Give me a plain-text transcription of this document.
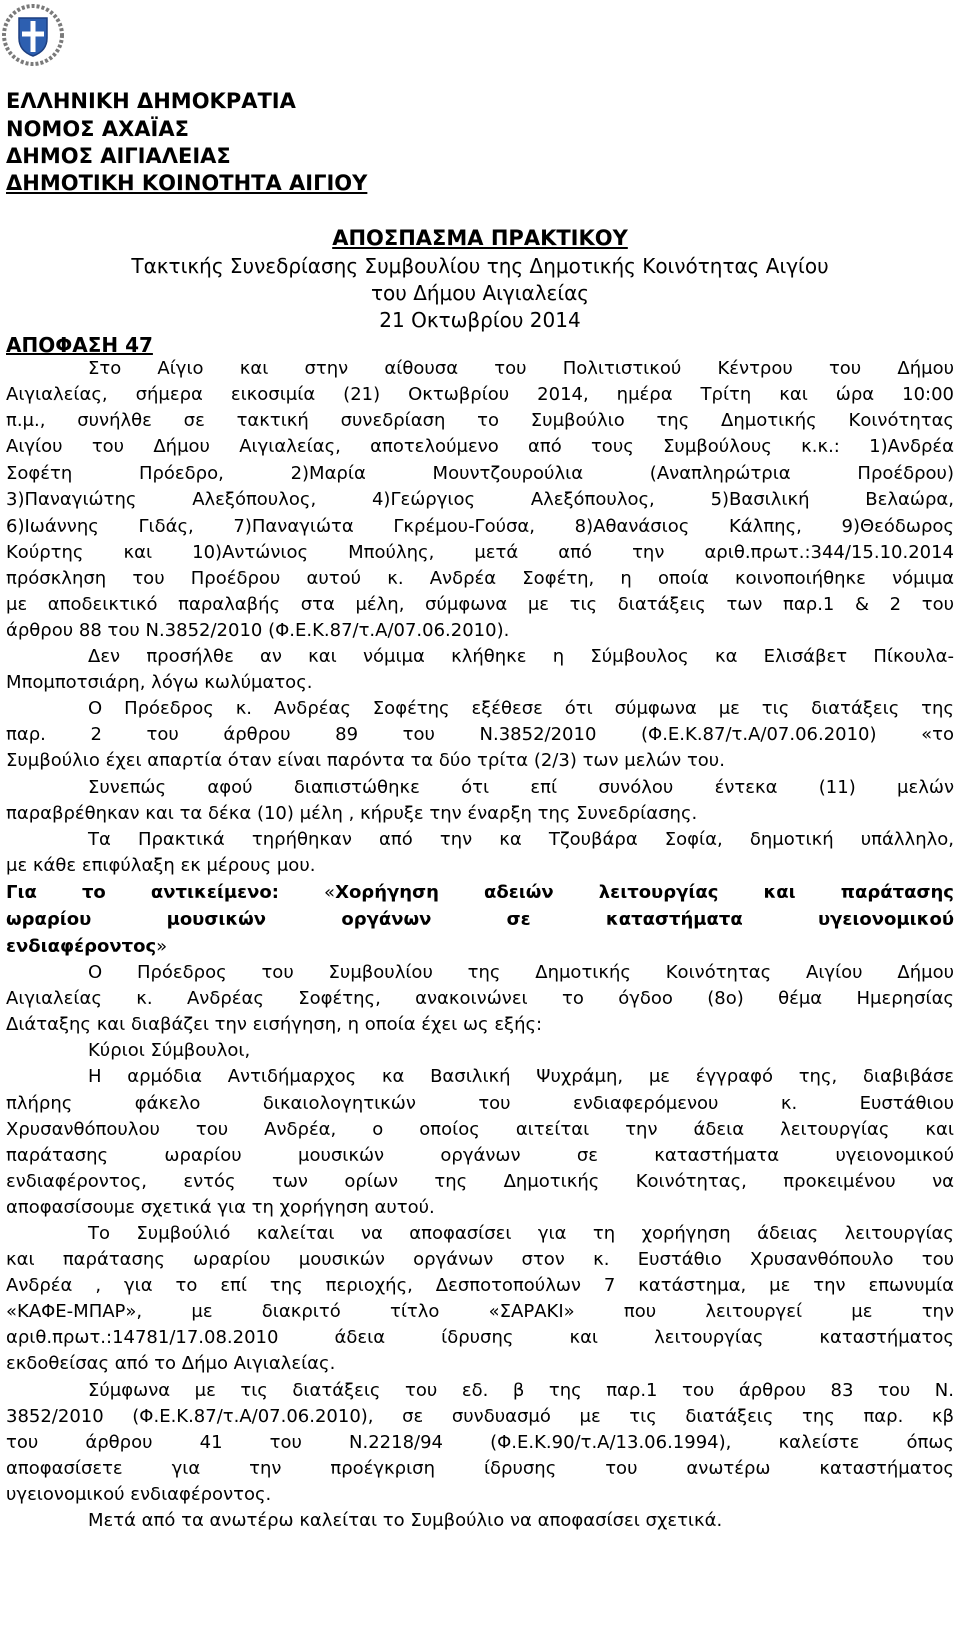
ΕΛΛΗΝΙΚΗ ΔΗΜΟΚΡΑΤΙΑ
ΝΟΜΟΣ ΑΧΑΪΑΣ
ΔΗΜΟΣ ΑΙΓΙΑΛΕΙΑΣ
ΔΗΜΟΤΙΚΗ ΚΟΙΝΟΤΗΤΑ ΑΙΓΙΟΥ
ΑΠΟΣΠΑΣΜΑ ΠΡΑΚΤΙΚΟΥ
Τακτικής Συνεδρίασης Συμβουλίου της Δημοτικής Κοινότητας Αιγίου
του Δήμου Αιγιαλείας
21 Οκτωβρίου 2014
ΑΠΟΦΑΣΗ 47
Στο Αίγιο και στην αίθουσα του Πολιτιστικού Κέντρου του Δήμου
Αιγιαλείας, σήμερα εικοσιμία (21) Οκτωβρίου 2014, ημέρα Τρίτη και ώρα 10:00
π.μ., συνήλθε σε τακτική συνεδρίαση το Συμβούλιο της Δημοτικής Κοινότητας
Αιγίου του Δήμου Αιγιαλείας, αποτελούμενο από τους Συμβούλους κ.κ.: 1)Ανδρέα
Σοφέτη Πρόεδρο, 2)Μαρία Μουντζουρούλια (Αναπληρώτρια Προέδρου)
3)Παναγιώτης Αλεξόπουλος, 4)Γεώργιος Αλεξόπουλος, 5)Βασιλική Βελαώρα,
6)Ιωάννης Γιδάς, 7)Παναγιώτα Γκρέμου-Γούσα, 8)Αθανάσιος Κάλπης, 9)Θεόδωρος
Κούρτης και 10)Αντώνιος Μπούλης, μετά από την αριθ.πρωτ.:344/15.10.2014
πρόσκληση του Προέδρου αυτού κ. Ανδρέα Σοφέτη, η οποία κοινοποιήθηκε νόμιμα
με αποδεικτικό παραλαβής στα μέλη, σύμφωνα με τις διατάξεις των παρ.1 & 2 του
άρθρου 88 του Ν.3852/2010 (Φ.Ε.Κ.87/τ.Α/07.06.2010).
Δεν προσήλθε αν και νόμιμα κλήθηκε η Σύμβουλος κα Ελισάβετ Πίκουλα-
Μπομποτσιάρη, λόγω κωλύματος.
Ο Πρόεδρος κ. Ανδρέας Σοφέτης εξέθεσε ότι σύμφωνα με τις διατάξεις της
παρ. 2 του άρθρου 89 του Ν.3852/2010 (Φ.Ε.Κ.87/τ.Α/07.06.2010) «το
Συμβούλιο έχει απαρτία όταν είναι παρόντα τα δύο τρίτα (2/3) των μελών του.
Συνεπώς αφού διαπιστώθηκε ότι επί συνόλου έντεκα (11) μελών
παραβρέθηκαν και τα δέκα (10) μέλη , κήρυξε την έναρξη της Συνεδρίασης.
Τα Πρακτικά τηρήθηκαν από την κα Τζουβάρα Σοφία, δημοτική υπάλληλο,
με κάθε επιφύλαξη εκ μέρους μου.
Για το αντικείμενο:	«Χορήγηση αδειών λειτουργίας και παράτασης
ωραρίου μουσικών οργάνων σε καταστήματα υγειονομικού
ενδιαφέροντος»
Ο Πρόεδρος του Συμβουλίου της Δημοτικής Κοινότητας Αιγίου Δήμου
Αιγιαλείας κ. Ανδρέας Σοφέτης, ανακοινώνει το όγδοο (8ο) θέμα Ημερησίας
Διάταξης και διαβάζει την εισήγηση, η οποία έχει ως εξής:
Κύριοι Σύμβουλοι,
Η αρμόδια Αντιδήμαρχος κα Βασιλική Ψυχράμη, με έγγραφό της, διαβιβάσε
πλήρης φάκελο δικαιολογητικών του ενδιαφερόμενου κ. Ευστάθιου
Χρυσανθόπουλου του Ανδρέα, ο οποίος αιτείται την άδεια λειτουργίας και
παράτασης ωραρίου μουσικών οργάνων σε καταστήματα υγειονομικού
ενδιαφέροντος, εντός των ορίων της Δημοτικής Κοινότητας, προκειμένου να
αποφασίσουμε σχετικά για τη χορήγηση αυτού.
Το Συμβούλιό καλείται να αποφασίσει για τη χορήγηση άδειας λειτουργίας
και παράτασης ωραρίου μουσικών οργάνων στον κ. Ευστάθιο Χρυσανθόπουλο του
Ανδρέα , για το επί της περιοχής, Δεσποτοπούλων 7 κατάστημα, με την επωνυμία
«ΚΑΦΕ-ΜΠΑΡ», με διακριτό τίτλο «ΣΑΡΑΚΙ» που λειτουργεί με την
αριθ.πρωτ.:14781/17.08.2010 άδεια ίδρυσης και λειτουργίας καταστήματος
εκδοθείσας από το Δήμο Αιγιαλείας.
Σύμφωνα με τις διατάξεις του εδ. β της παρ.1 του άρθρου 83 του Ν.
3852/2010 (Φ.Ε.Κ.87/τ.Α/07.06.2010), σε συνδυασμό με τις διατάξεις της παρ. κβ
του άρθρου 41 του Ν.2218/94 (Φ.Ε.Κ.90/τ.Α/13.06.1994), καλείστε όπως
αποφασίσετε για την προέγκριση ίδρυσης του ανωτέρω καταστήματος
υγειονομικού ενδιαφέροντος.
Μετά από τα ανωτέρω καλείται το Συμβούλιο να αποφασίσει σχετικά.
